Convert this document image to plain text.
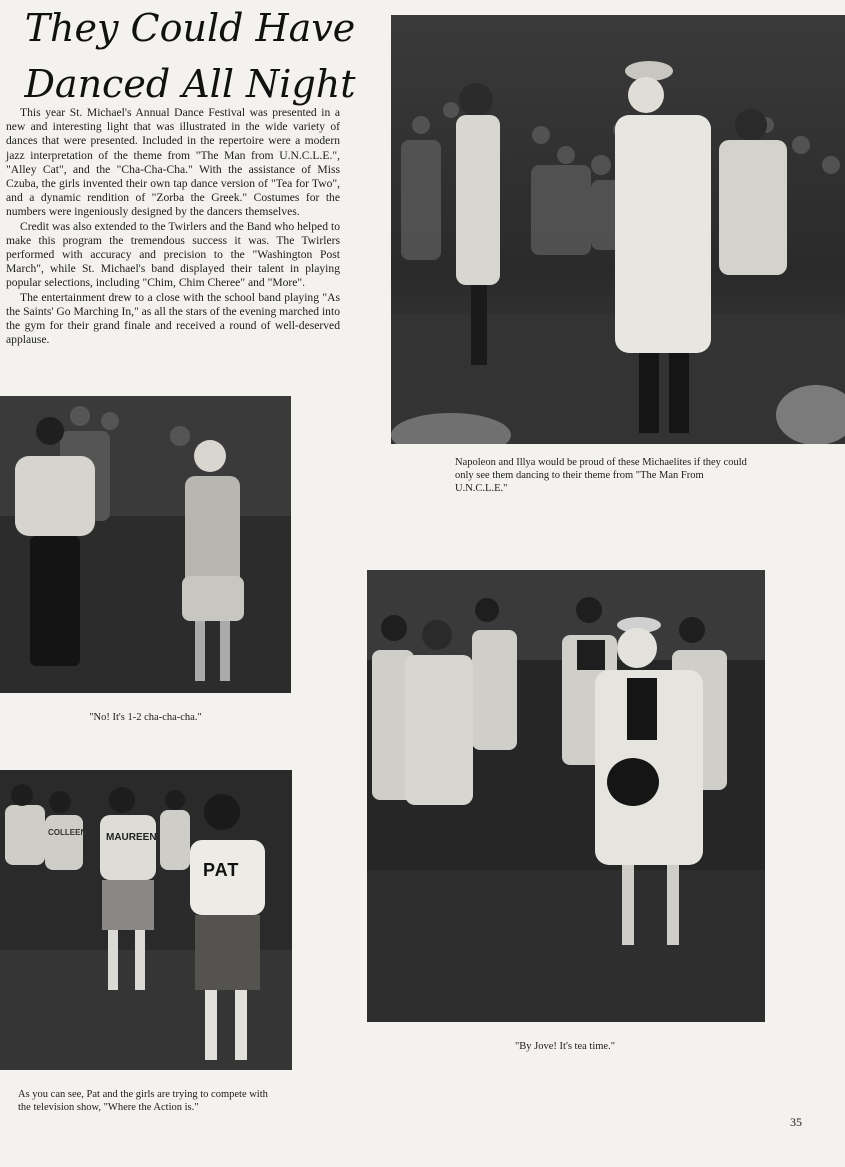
They Could Have
Danced All Night

This year St. Michael's Annual Dance Festival was presented in a new and interesting light that was illustrated in the wide variety of dances that were presented. Included in the repertoire were a modern jazz interpretation of the theme from "The Man from U.N.C.L.E.", "Alley Cat", and the "Cha-Cha-Cha." With the assistance of Miss Czuba, the girls invented their own tap dance version of "Tea for Two", and a dynamic rendition of "Zorba the Greek." Costumes for the numbers were ingeniously designed by the dancers themselves.

Credit was also extended to the Twirlers and the Band who helped to make this program the tremendous success it was. The Twirlers performed with accuracy and precision to the "Washington Post March", while St. Michael's band displayed their talent in playing popular selections, including "Chim, Chim Cheree" and "More".

The entertainment drew to a close with the school band playing "As the Saints' Go Marching In," as all the stars of the evening marched into the gym for their grand finale and received a round of well-deserved applause.

Napoleon and Illya would be proud of these Michaelites if they could only see them dancing to their theme from "The Man From U.N.C.L.E."
"No! It's 1-2 cha-cha-cha."
"By Jove! It's tea time."
PAT
MAUREEN
COLLEEN
As you can see, Pat and the girls are trying to compete with the television show, "Where the Action is."
35
